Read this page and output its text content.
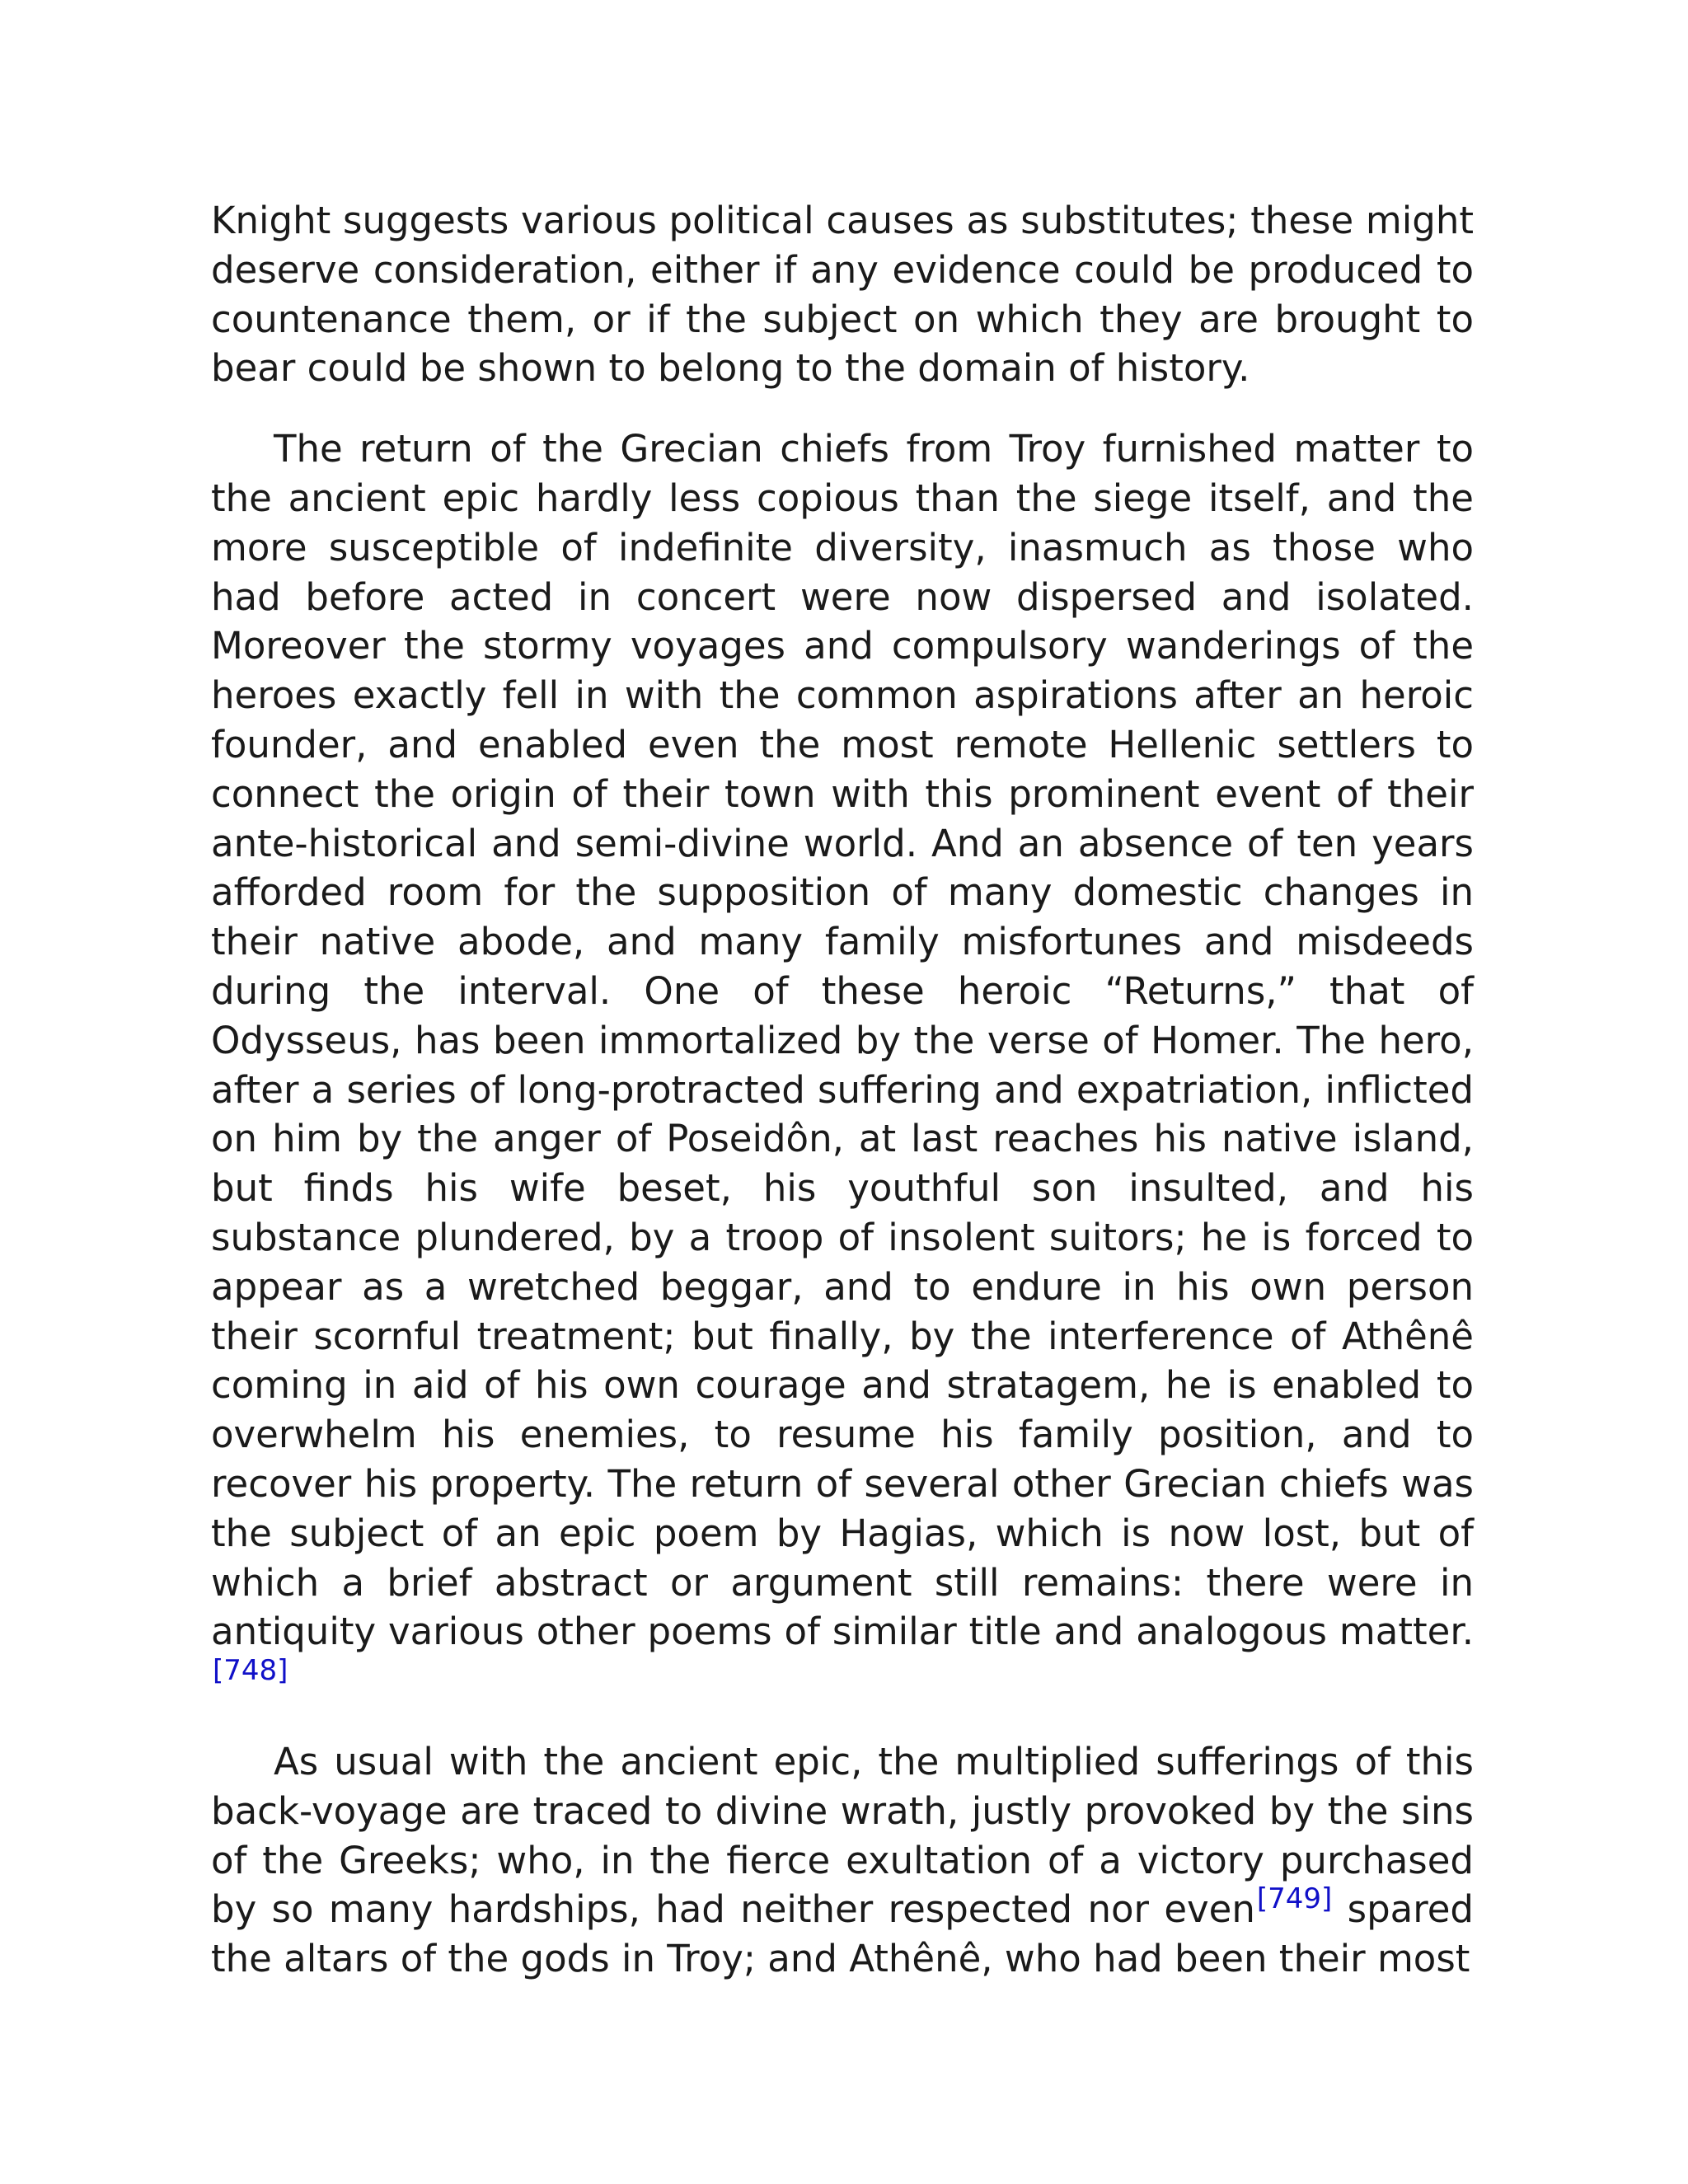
Knight suggests various political causes as substitutes; these might deserve consideration, either if any evidence could be produced to countenance them, or if the subject on which they are brought to bear could be shown to belong to the domain of history.

The return of the Grecian chiefs from Troy furnished matter to the ancient epic hardly less copious than the siege itself, and the more susceptible of indefinite diversity, inasmuch as those who had before acted in concert were now dispersed and isolated. Moreover the stormy voyages and compulsory wanderings of the heroes exactly fell in with the common aspirations after an heroic founder, and enabled even the most remote Hellenic settlers to connect the origin of their town with this prominent event of their ante-historical and semi-divine world. And an absence of ten years afforded room for the supposition of many domestic changes in their native abode, and many family misfortunes and misdeeds during the interval. One of these heroic “Returns,” that of Odysseus, has been immortalized by the verse of Homer. The hero, after a series of long-protracted suffering and expatriation, inflicted on him by the anger of Poseidôn, at last reaches his native island, but finds his wife beset, his youthful son insulted, and his substance plundered, by a troop of insolent suitors; he is forced to appear as a wretched beggar, and to endure in his own person their scornful treatment; but finally, by the interference of Athênê coming in aid of his own courage and stratagem, he is enabled to overwhelm his enemies, to resume his family position, and to recover his property. The return of several other Grecian chiefs was the subject of an epic poem by Hagias, which is now lost, but of which a brief abstract or argument still remains: there were in antiquity various other poems of similar title and analogous matter.[748]

As usual with the ancient epic, the multiplied sufferings of this back-voyage are traced to divine wrath, justly provoked by the sins of the Greeks; who, in the fierce exultation of a victory purchased by so many hardships, had neither respected nor even[749] spared the altars of the gods in Troy; and Athênê, who had been their most
